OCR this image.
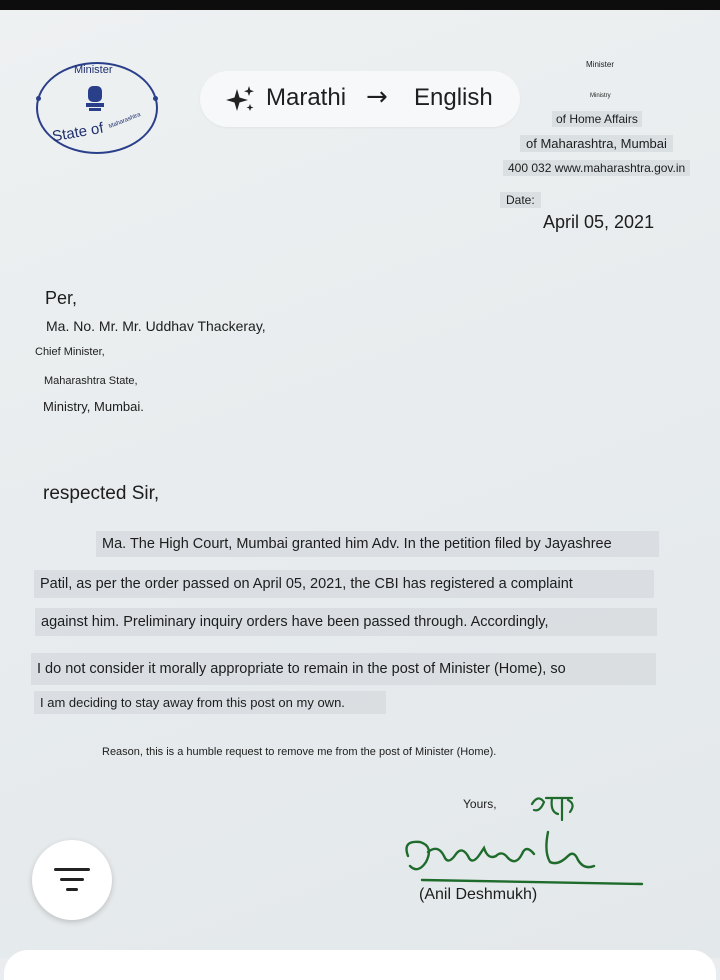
Minister
State of Maharashtra
Marathi → English
Minister
Ministry
of Home Affairs
of Maharashtra, Mumbai
400 032 www.maharashtra.gov.in
Date:
April 05, 2021
Per,
Ma. No. Mr. Mr. Uddhav Thackeray,
Chief Minister,
Maharashtra State,
Ministry, Mumbai.
respected Sir,
Ma. The High Court, Mumbai granted him Adv. In the petition filed by Jayashree
Patil, as per the order passed on April 05, 2021, the CBI has registered a complaint
against him. Preliminary inquiry orders have been passed through. Accordingly,
I do not consider it morally appropriate to remain in the post of Minister (Home), so
I am deciding to stay away from this post on my own.
Reason, this is a humble request to remove me from the post of Minister (Home).
Yours,
(Anil Deshmukh)
